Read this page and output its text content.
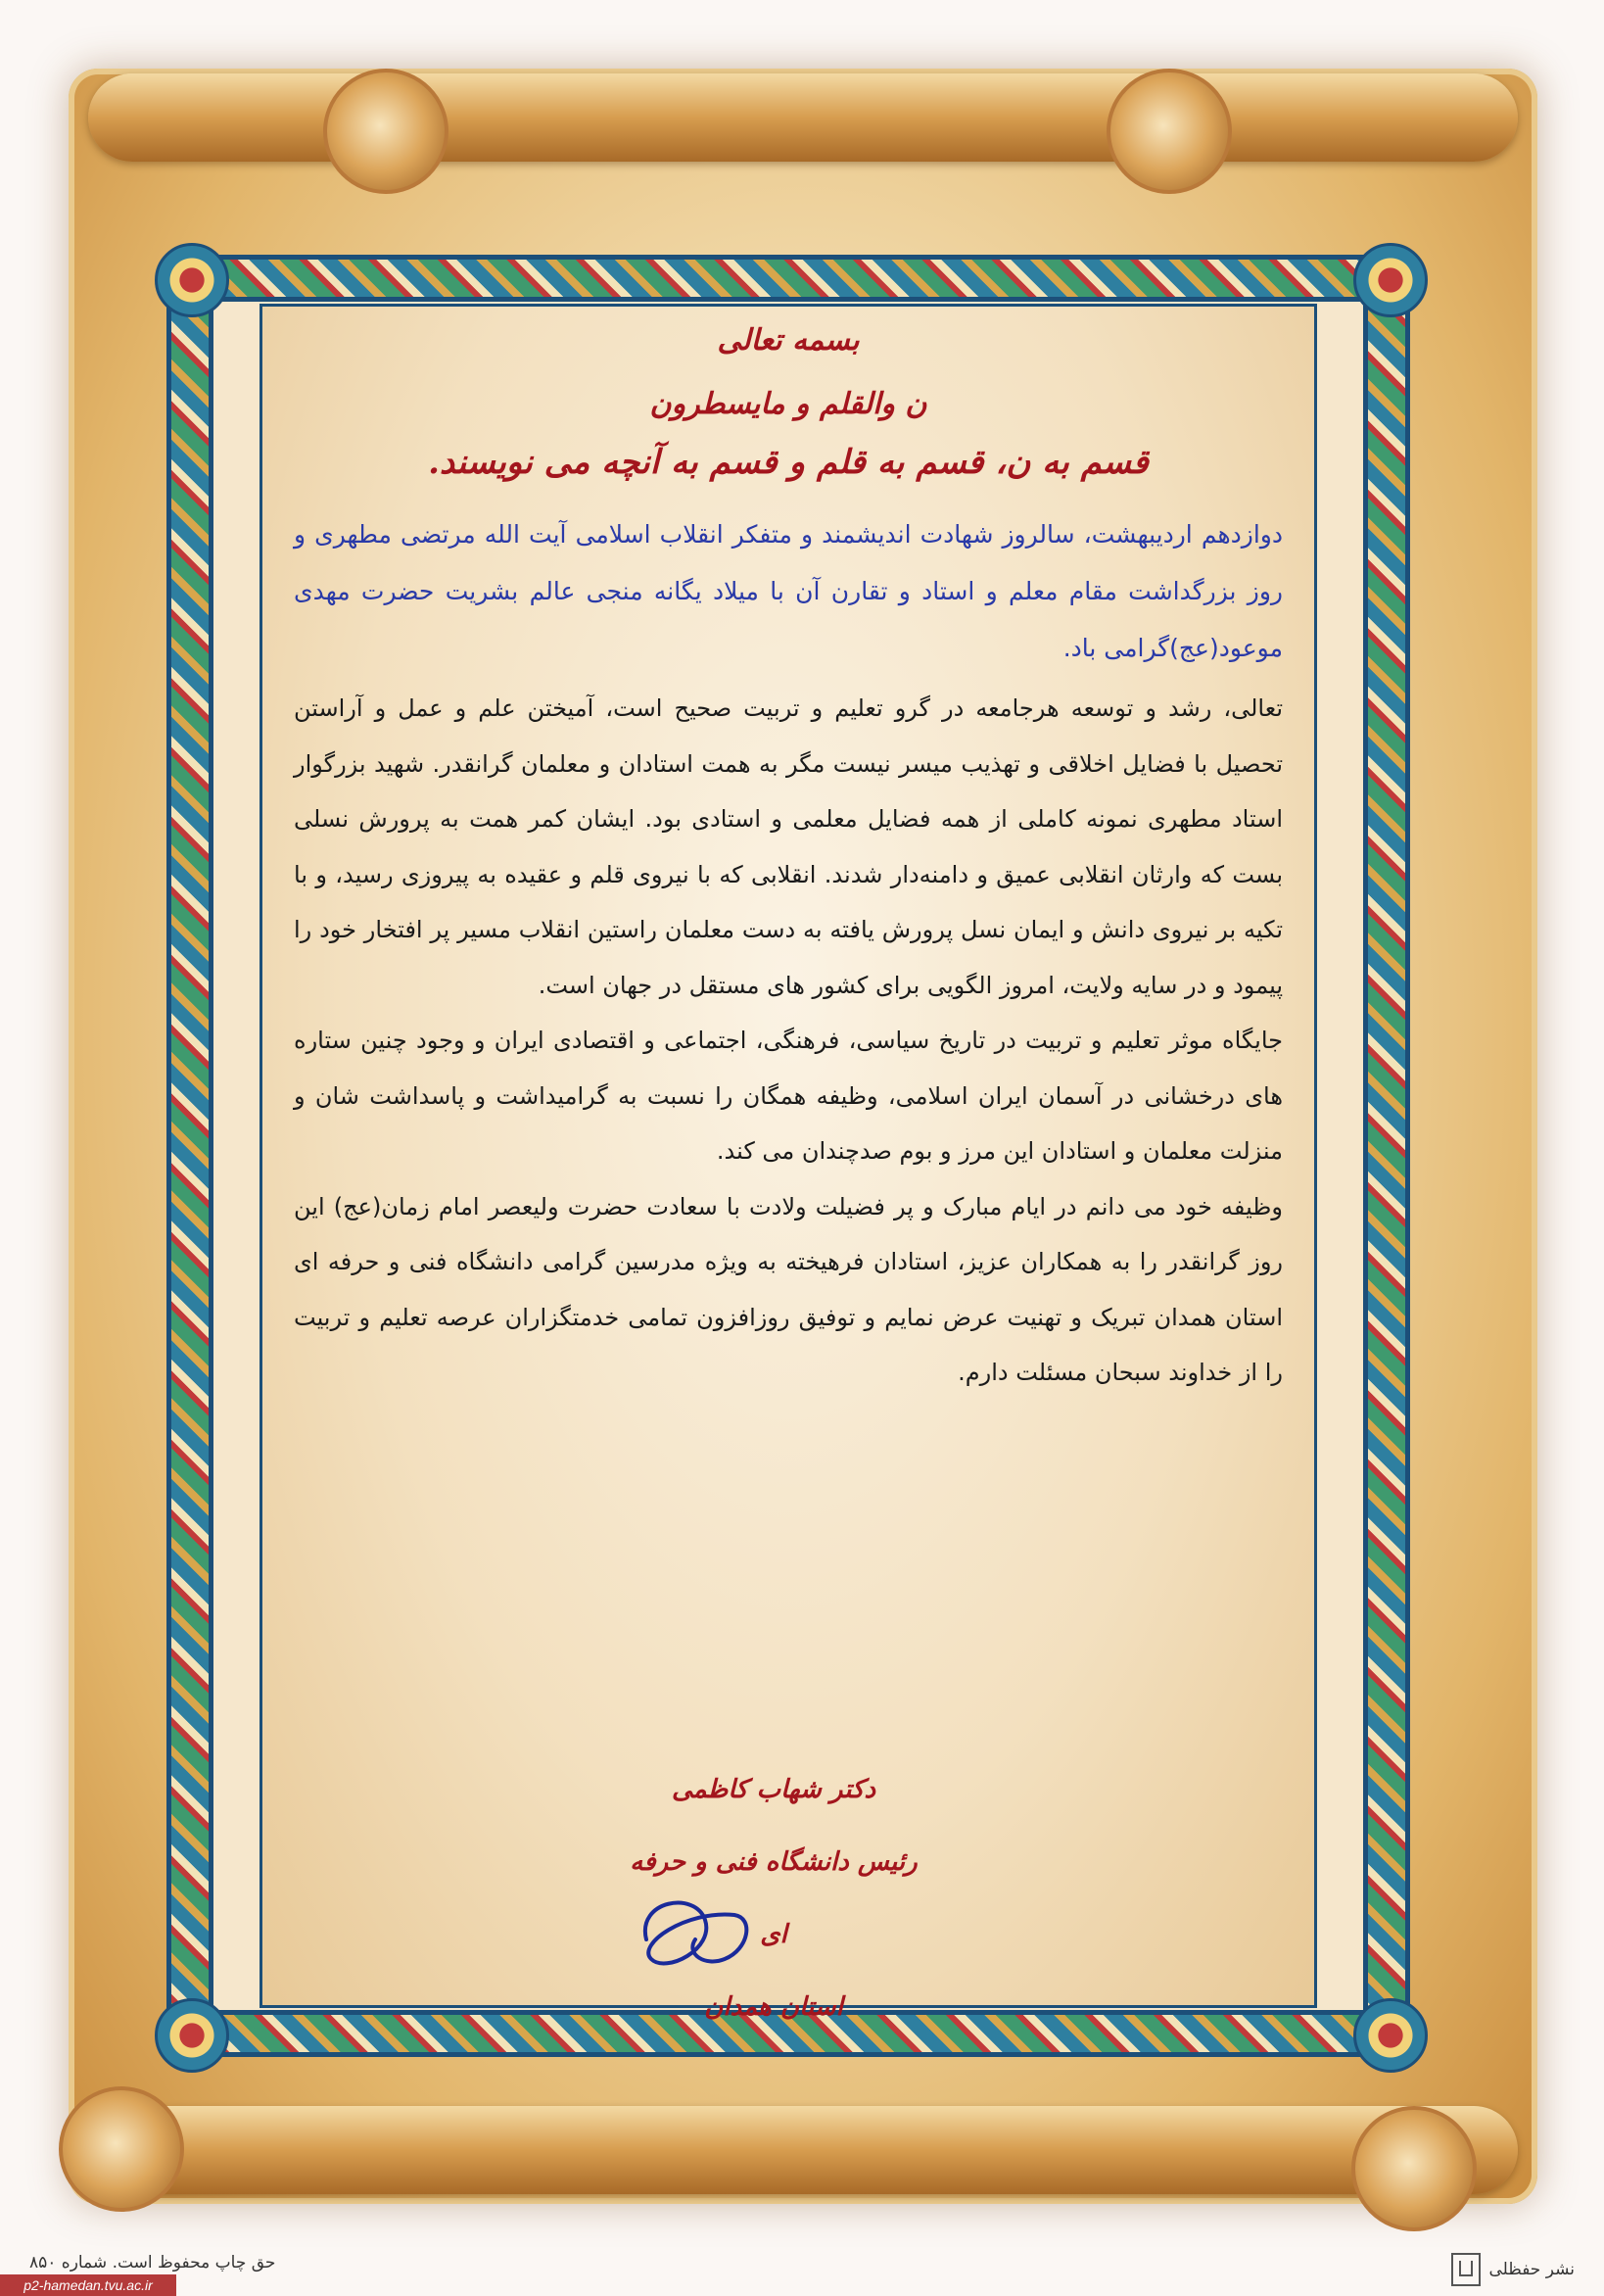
بسمه تعالی
ن والقلم و مایسطرون
قسم به ن، قسم به قلم و قسم به آنچه می نویسند.

دوازدهم اردیبهشت، سالروز شهادت اندیشمند و متفکر انقلاب اسلامی آیت الله مرتضی مطهری و روز بزرگداشت مقام معلم و استاد و تقارن آن با میلاد یگانه منجی عالم بشریت حضرت مهدی موعود(عج)گرامی باد.

تعالی، رشد و توسعه هرجامعه در گرو تعلیم و تربیت صحیح است، آمیختن علم و عمل و آراستن تحصیل با فضایل اخلاقی و تهذیب میسر نیست مگر به همت استادان و معلمان گرانقدر. شهید بزرگوار استاد مطهری نمونه کاملی از همه فضایل معلمی و استادی بود. ایشان کمر همت به پرورش نسلی بست که وارثان انقلابی عمیق و دامنه‌دار شدند. انقلابی که با نیروی قلم و عقیده به پیروزی رسید، و با تکیه بر نیروی دانش و ایمان نسل پرورش یافته به دست معلمان راستین انقلاب مسیر پر افتخار خود را پیمود و در سایه ولایت، امروز الگویی برای کشور های مستقل در جهان است.

جایگاه موثر تعلیم و تربیت در تاریخ سیاسی، فرهنگی، اجتماعی و اقتصادی ایران و وجود چنین ستاره های درخشانی در آسمان ایران اسلامی، وظیفه همگان را نسبت به گرامیداشت و پاسداشت شان و منزلت معلمان و استادان این مرز و بوم صدچندان می کند.

وظیفه خود می دانم در ایام مبارک و پر فضیلت ولادت با سعادت حضرت ولیعصر امام زمان(عج) این روز گرانقدر را به همکاران عزیز، استادان فرهیخته به ویژه مدرسین گرامی دانشگاه فنی و حرفه ای استان همدان تبریک و تهنیت عرض نمایم و توفیق روزافزون تمامی خدمتگزاران عرصه تعلیم و تربیت را از خداوند سبحان مسئلت دارم.

دکتر شهاب کاظمی
رئیس دانشگاه فنی و حرفه ای
استان همدان
حق چاپ محفوظ است. شماره ۸۵۰	نشر حفظلی
p2-hamedan.tvu.ac.ir
